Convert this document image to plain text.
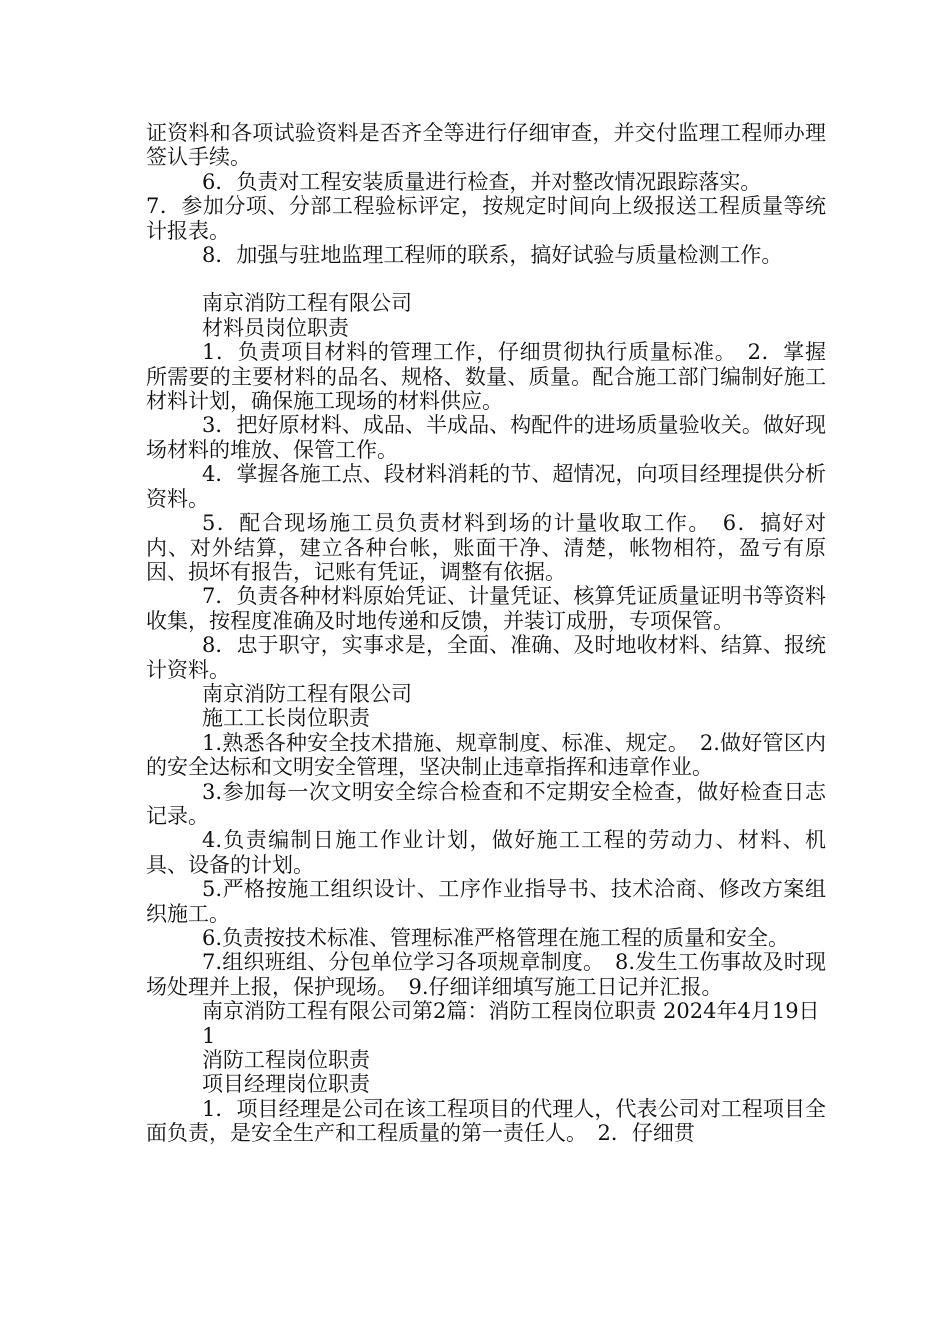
证资料和各项试验资料是否齐全等进行仔细审查，并交付监理工程师办理签认手续。

6．负责对工程安装质量进行检查，并对整改情况跟踪落实。

7．参加分项、分部工程验标评定，按规定时间向上级报送工程质量等统计报表。

8．加强与驻地监理工程师的联系，搞好试验与质量检测工作。

南京消防工程有限公司

材料员岗位职责

1．负责项目材料的管理工作，仔细贯彻执行质量标准。　2．掌握所需要的主要材料的品名、规格、数量、质量。配合施工部门编制好施工材料计划，确保施工现场的材料供应。

3．把好原材料、成品、半成品、构配件的进场质量验收关。做好现场材料的堆放、保管工作。

4．掌握各施工点、段材料消耗的节、超情况，向项目经理提供分析资料。

5．配合现场施工员负责材料到场的计量收取工作。　6．搞好对内、对外结算，建立各种台帐，账面干净、清楚，帐物相符，盈亏有原因、损坏有报告，记账有凭证，调整有依据。

7．负责各种材料原始凭证、计量凭证、核算凭证质量证明书等资料收集，按程度准确及时地传递和反馈，并装订成册，专项保管。

8．忠于职守，实事求是，全面、准确、及时地收材料、结算、报统计资料。

南京消防工程有限公司

施工工长岗位职责

1.熟悉各种安全技术措施、规章制度、标准、规定。　2.做好管区内的安全达标和文明安全管理，坚决制止违章指挥和违章作业。

3.参加每一次文明安全综合检查和不定期安全检查，做好检查日志记录。

4.负责编制日施工作业计划，做好施工工程的劳动力、材料、机具、设备的计划。

5.严格按施工组织设计、工序作业指导书、技术洽商、修改方案组织施工。

6.负责按技术标准、管理标准严格管理在施工程的质量和安全。

7.组织班组、分包单位学习各项规章制度。　8.发生工伤事故及时现场处理并上报，保护现场。　9.仔细详细填写施工日记并汇报。

南京消防工程有限公司第2篇：消防工程岗位职责 2024年4月19日

1

消防工程岗位职责

项目经理岗位职责

1．项目经理是公司在该工程项目的代理人，代表公司对工程项目全面负责，是安全生产和工程质量的第一责任人。　2．仔细贯
